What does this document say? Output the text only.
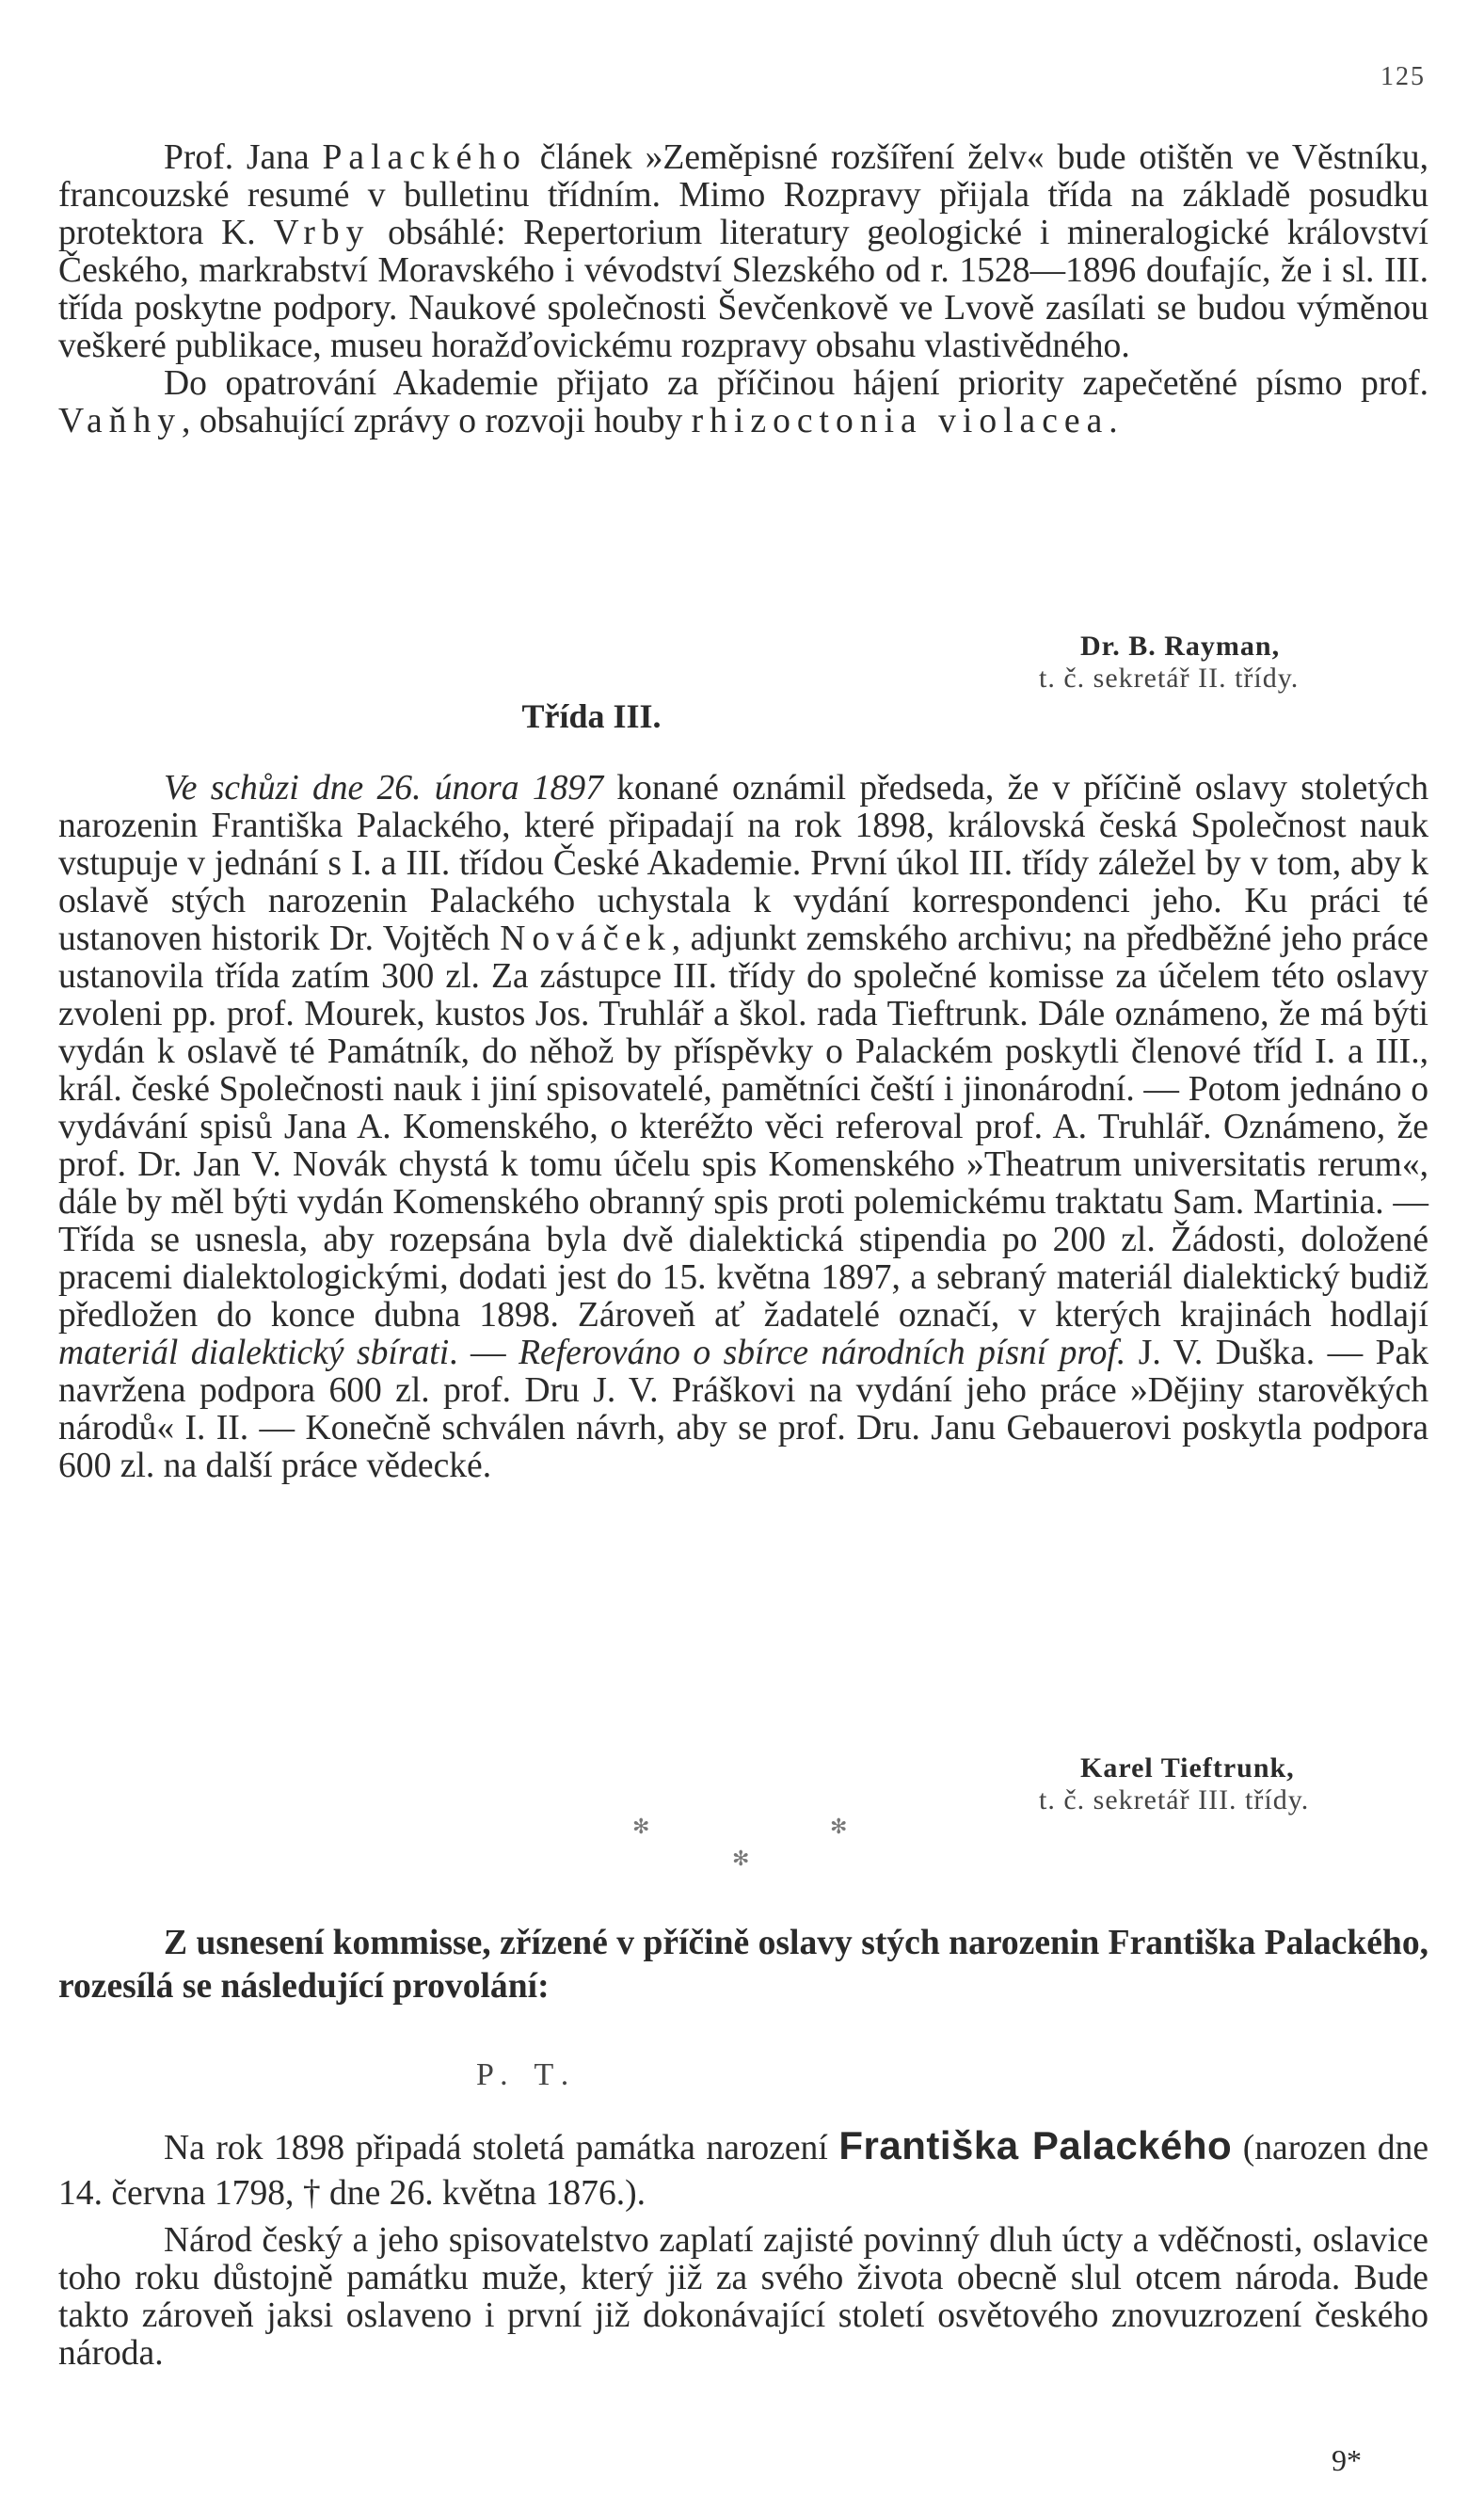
125

Prof. Jana Palackého článek »Zeměpisné rozšíření želv« bude otištěn ve Věstníku, francouzské resumé v bulletinu třídním. Mimo Rozpravy přijala třída na základě posudku protektora K. Vrby obsáhlé: Repertorium literatury geologické i mineralogické království Českého, markrabství Moravského i vévodství Slezského od r. 1528—1896 doufajíc, že i sl. III. třída poskytne podpory. Naukové společnosti Ševčenkově ve Lvově zasílati se budou výměnou veškeré publikace, museu horažďovickému rozpravy obsahu vlastivědného.

Do opatrování Akademie přijato za příčinou hájení priority zapečetěné písmo prof. Vaňhy, obsahující zprávy o rozvoji houby rhizoctonia violacea.

Dr. B. Rayman,
t. č. sekretář II. třídy.
Třída III.

Ve schůzi dne 26. února 1897 konané oznámil předseda, že v příčině oslavy stoletých narozenin Františka Palackého, které připadají na rok 1898, královská česká Společnost nauk vstupuje v jednání s I. a III. třídou České Akademie. První úkol III. třídy záležel by v tom, aby k oslavě stých narozenin Palackého uchystala k vydání korrespondenci jeho. Ku práci té ustanoven historik Dr. Vojtěch Nováček, adjunkt zemského archivu; na předběžné jeho práce ustanovila třída zatím 300 zl. Za zástupce III. třídy do společné komisse za účelem této oslavy zvoleni pp. prof. Mourek, kustos Jos. Truhlář a škol. rada Tieftrunk. Dále oznámeno, že má býti vydán k oslavě té Památník, do něhož by příspěvky o Palackém poskytli členové tříd I. a III., král. české Společnosti nauk i jiní spisovatelé, pamětníci čeští i jinonárodní. — Potom jednáno o vydávání spisů Jana A. Komenského, o kteréžto věci referoval prof. A. Truhlář. Oznámeno, že prof. Dr. Jan V. Novák chystá k tomu účelu spis Komenského »Theatrum universitatis rerum«, dále by měl býti vydán Komenského obranný spis proti polemickému traktatu Sam. Martinia. — Třída se usnesla, aby rozepsána byla dvě dialektická stipendia po 200 zl. Žádosti, doložené pracemi dialektologickými, dodati jest do 15. května 1897, a sebraný materiál dialektický budiž předložen do konce dubna 1898. Zároveň ať žadatelé označí, v kterých krajinách hodlají materiál dialektický sbírati. — Referováno o sbírce národních písní prof. J. V. Duška. — Pak navržena podpora 600 zl. prof. Dru J. V. Práškovi na vydání jeho práce »Dějiny starověkých národů« I. II. — Konečně schválen návrh, aby se prof. Dru. Janu Gebauerovi poskytla podpora 600 zl. na další práce vědecké.

Karel Tieftrunk,
t. č. sekretář III. třídy.
✻	✻
✻

Z usnesení kommisse, zřízené v příčině oslavy stých narozenin Františka Palackého, rozesílá se následující provolání:

P. T.

Na rok 1898 připadá stoletá památka narození Františka Palackého (narozen dne 14. června 1798, † dne 26. května 1876.).

Národ český a jeho spisovatelstvo zaplatí zajisté povinný dluh úcty a vděčnosti, oslavice toho roku důstojně památku muže, který již za svého života obecně slul otcem národa. Bude takto zároveň jaksi oslaveno i první již dokonávající století osvětového znovuzrození českého národa.

9*
